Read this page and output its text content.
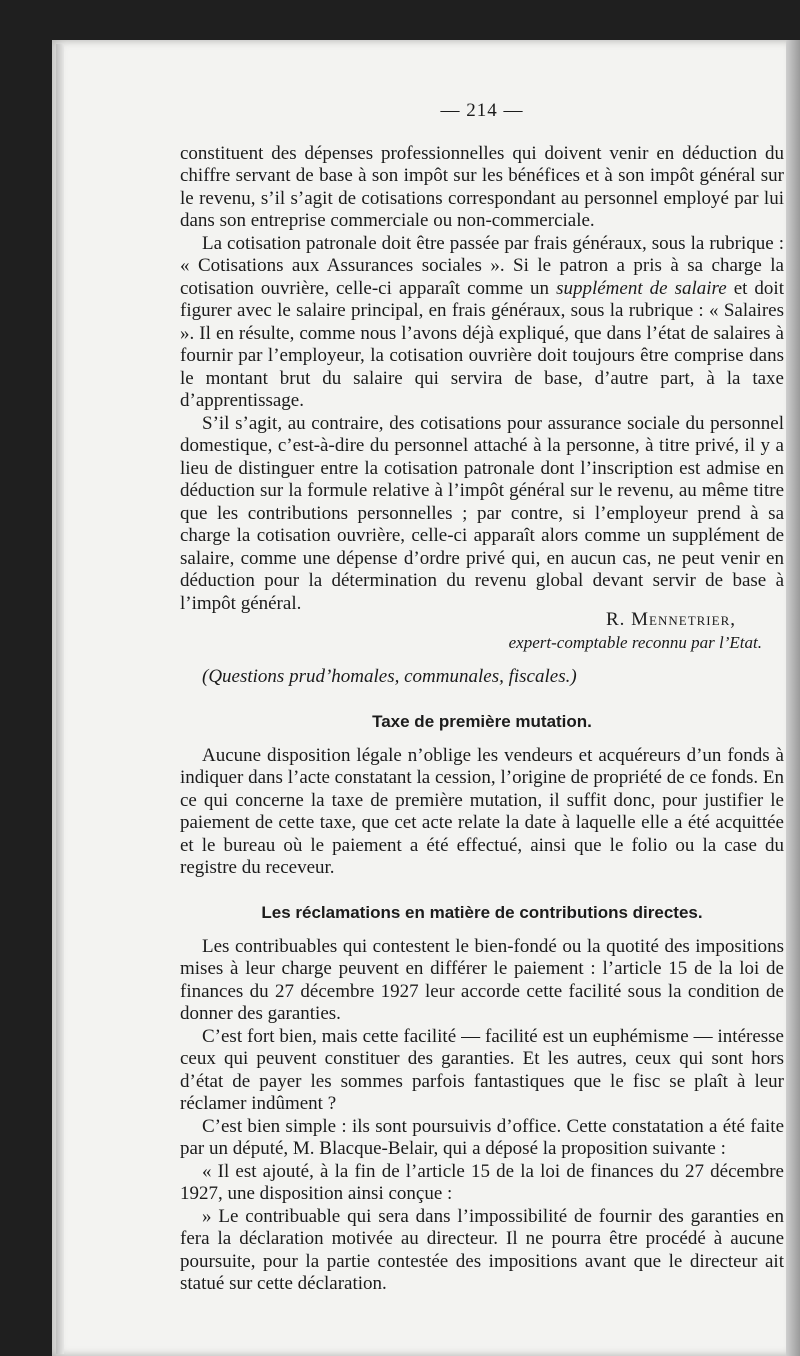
— 214 —

constituent des dépenses professionnelles qui doivent venir en déduction du chiffre servant de base à son impôt sur les bénéfices et à son impôt général sur le revenu, s’il s’agit de cotisations correspondant au personnel employé par lui dans son entreprise commerciale ou non-commerciale.

La cotisation patronale doit être passée par frais généraux, sous la rubrique : « Cotisations aux Assurances sociales ». Si le patron a pris à sa charge la cotisation ouvrière, celle-ci apparaît comme un supplément de salaire et doit figurer avec le salaire principal, en frais généraux, sous la rubrique : « Salaires ». Il en résulte, comme nous l’avons déjà expliqué, que dans l’état de salaires à fournir par l’employeur, la cotisation ouvrière doit toujours être comprise dans le montant brut du salaire qui servira de base, d’autre part, à la taxe d’apprentissage.

S’il s’agit, au contraire, des cotisations pour assurance sociale du personnel domestique, c’est-à-dire du personnel attaché à la personne, à titre privé, il y a lieu de distinguer entre la cotisation patronale dont l’inscription est admise en déduction sur la formule relative à l’impôt général sur le revenu, au même titre que les contributions personnelles ; par contre, si l’employeur prend à sa charge la cotisation ouvrière, celle-ci apparaît alors comme un supplément de salaire, comme une dépense d’ordre privé qui, en aucun cas, ne peut venir en déduction pour la détermination du revenu global devant servir de base à l’impôt général.

R. Mennetrier,

expert-comptable reconnu par l’Etat.

(Questions prud’homales, communales, fiscales.)

Taxe de première mutation.

Aucune disposition légale n’oblige les vendeurs et acquéreurs d’un fonds à indiquer dans l’acte constatant la cession, l’origine de propriété de ce fonds. En ce qui concerne la taxe de première mutation, il suffit donc, pour justifier le paiement de cette taxe, que cet acte relate la date à laquelle elle a été acquittée et le bureau où le paiement a été effectué, ainsi que le folio ou la case du registre du receveur.

Les réclamations en matière de contributions directes.

Les contribuables qui contestent le bien-fondé ou la quotité des impositions mises à leur charge peuvent en différer le paiement : l’article 15 de la loi de finances du 27 décembre 1927 leur accorde cette facilité sous la condition de donner des garanties.

C’est fort bien, mais cette facilité — facilité est un euphémisme — intéresse ceux qui peuvent constituer des garanties. Et les autres, ceux qui sont hors d’état de payer les sommes parfois fantastiques que le fisc se plaît à leur réclamer indûment ?

C’est bien simple : ils sont poursuivis d’office. Cette constatation a été faite par un député, M. Blacque-Belair, qui a déposé la proposition suivante :

« Il est ajouté, à la fin de l’article 15 de la loi de finances du 27 décembre 1927, une disposition ainsi conçue :

» Le contribuable qui sera dans l’impossibilité de fournir des garanties en fera la déclaration motivée au directeur. Il ne pourra être procédé à aucune poursuite, pour la partie contestée des impositions avant que le directeur ait statué sur cette déclaration.
